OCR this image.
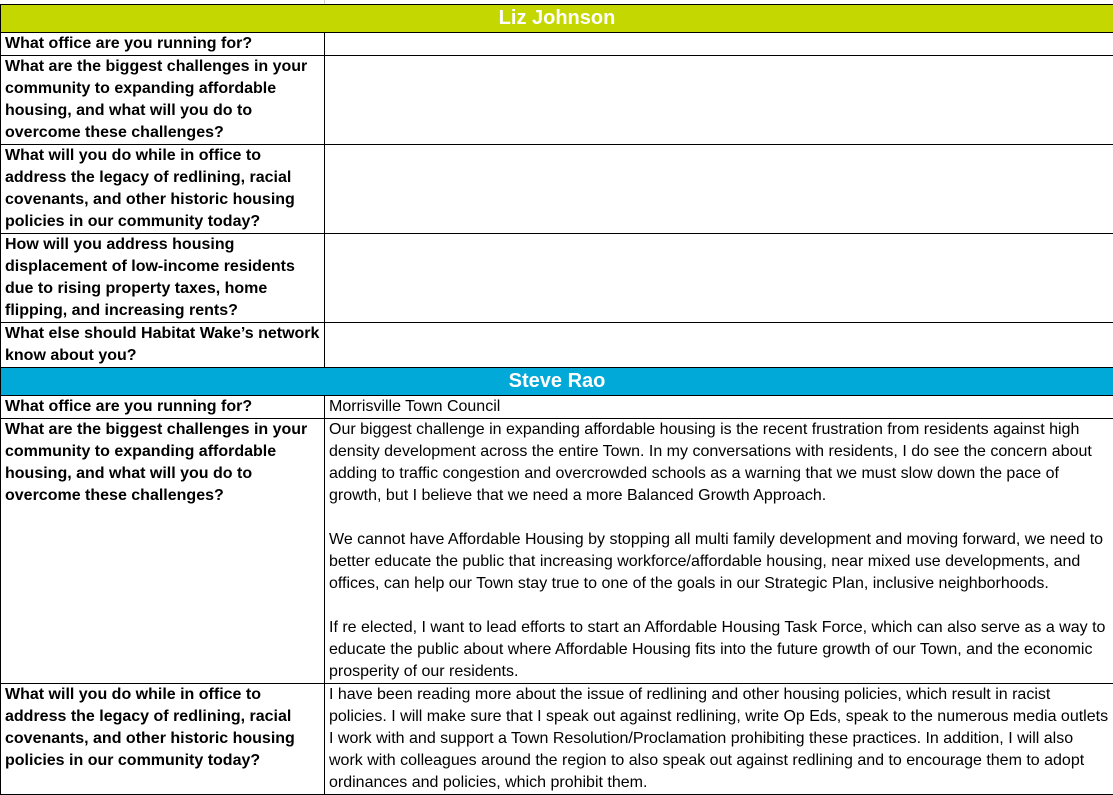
Liz Johnson	
What office are you running for?	
What are the biggest challenges in your community to expanding affordable housing, and what will you do to overcome these challenges?	
What will you do while in office to address the legacy of redlining, racial covenants, and other historic housing policies in our community today?	
How will you address housing displacement of low-income residents due to rising property taxes, home flipping, and increasing rents?	
What else should Habitat Wake’s network know about you?	
Steve Rao	
What office are you running for?	Morrisville Town Council

What are the biggest challenges in your community to expanding affordable housing, and what will you do to overcome these challenges?	Our biggest challenge in expanding affordable housing is the recent frustration from residents against high density development across the entire Town. In my conversations with residents, I do see the concern about adding to traffic congestion and overcrowded schools as a warning that we must slow down the pace of growth, but I believe that we need a more Balanced Growth Approach.

We cannot have Affordable Housing by stopping all multi family development and moving forward, we need to better educate the public that increasing workforce/affordable housing, near mixed use developments, and offices, can help our Town stay true to one of the goals in our Strategic Plan, inclusive neighborhoods.

If re elected, I want to lead efforts to start an Affordable Housing Task Force, which can also serve as a way to educate the public about where Affordable Housing fits into the future growth of our Town, and the economic prosperity of our residents.

What will you do while in office to address the legacy of redlining, racial covenants, and other historic housing policies in our community today?	I have been reading more about the issue of redlining and other housing policies, which result in racist policies. I will make sure that I speak out against redlining, write Op Eds, speak to the numerous media outlets I work with and support a Town Resolution/Proclamation prohibiting these practices. In addition, I will also work with colleagues around the region to also speak out against redlining and to encourage them to adopt ordinances and policies, which prohibit them.
